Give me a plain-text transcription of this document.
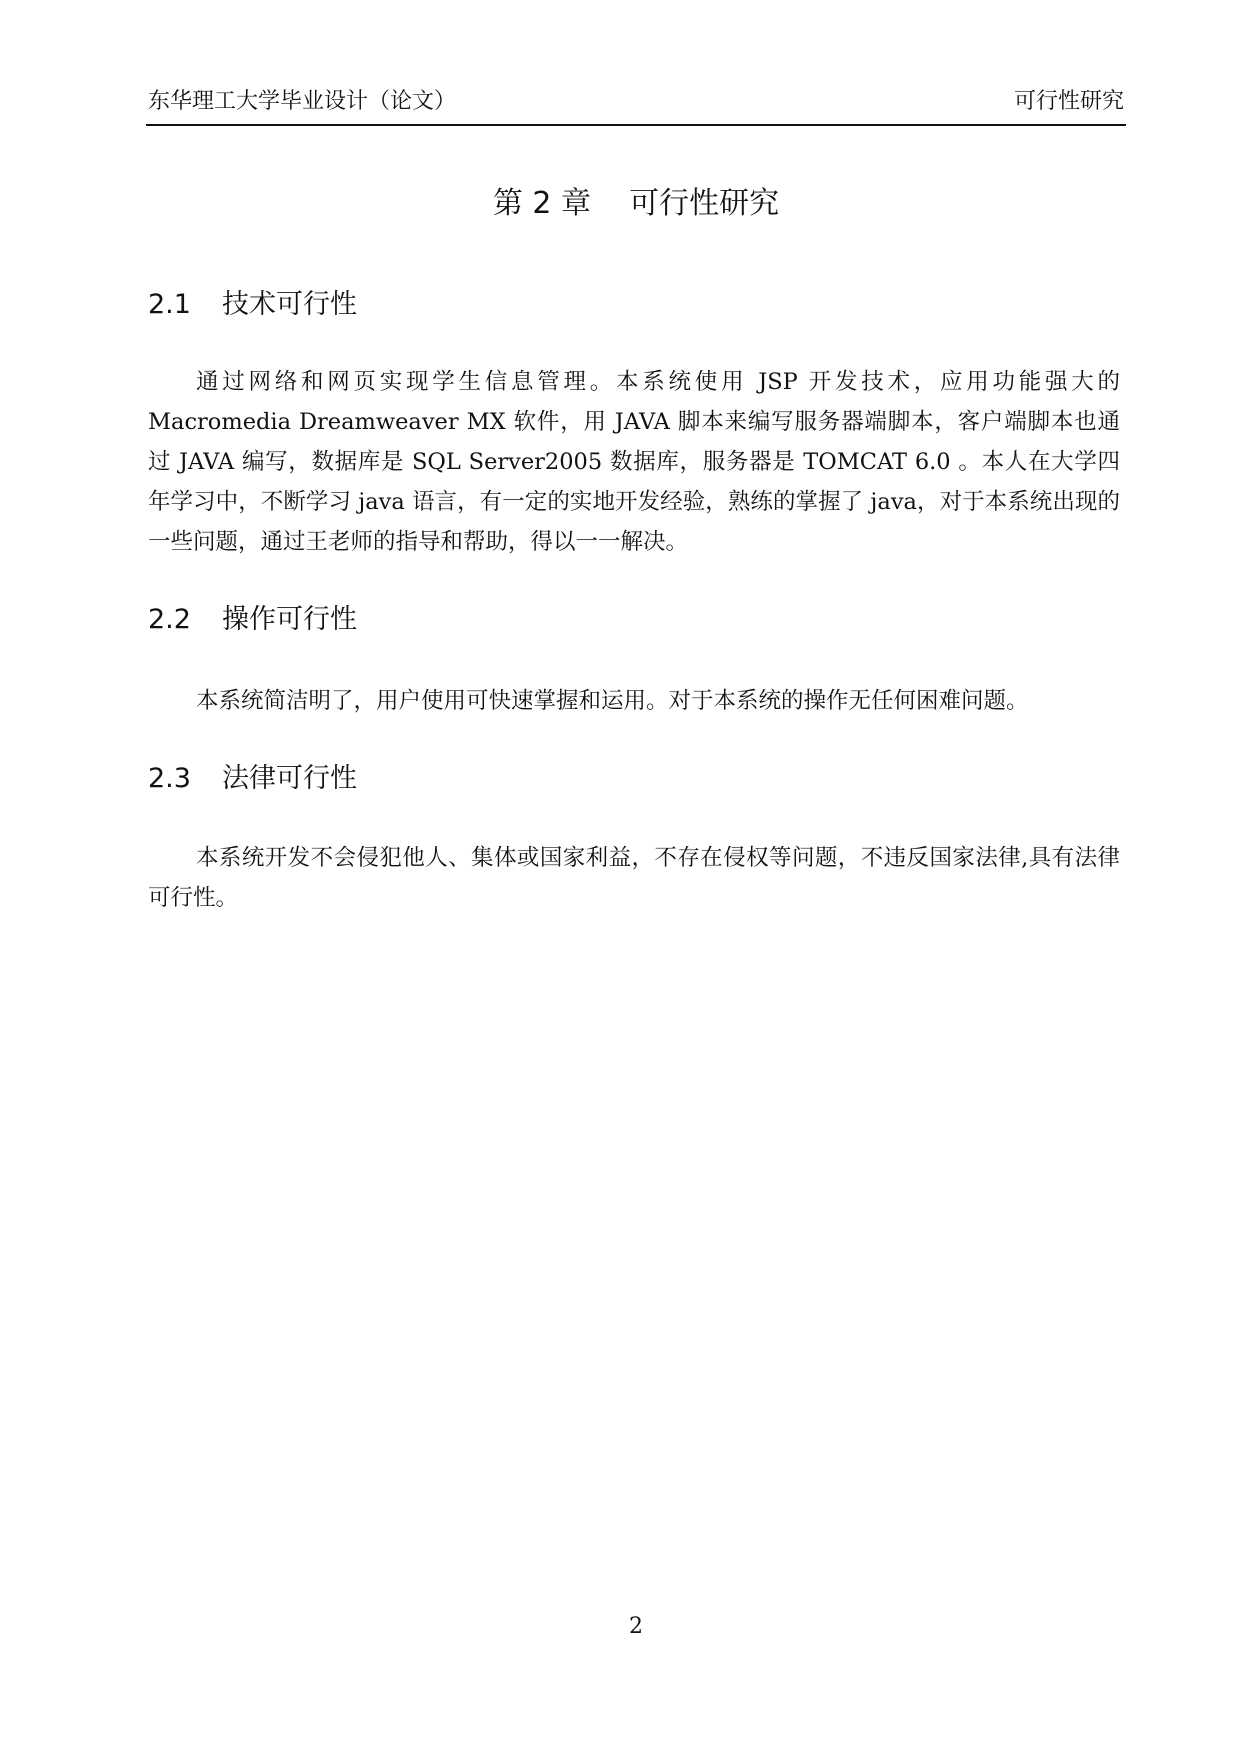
东华理工大学毕业设计（论文）	可行性研究
第 2 章    可行性研究
2.1 技术可行性

通过网络和网页实现学生信息管理。本系统使用 JSP 开发技术，应用功能强大的 Macromedia Dreamweaver MX 软件，用 JAVA 脚本来编写服务器端脚本，客户端脚本也通过 JAVA 编写，数据库是 SQL Server2005 数据库，服务器是 TOMCAT 6.0 。本人在大学四年学习中，不断学习 java 语言，有一定的实地开发经验，熟练的掌握了 java，对于本系统出现的一些问题，通过王老师的指导和帮助，得以一一解决。

2.2 操作可行性

本系统简洁明了，用户使用可快速掌握和运用。对于本系统的操作无任何困难问题。

2.3 法律可行性

本系统开发不会侵犯他人、集体或国家利益，不存在侵权等问题，不违反国家法律,具有法律可行性。

2
